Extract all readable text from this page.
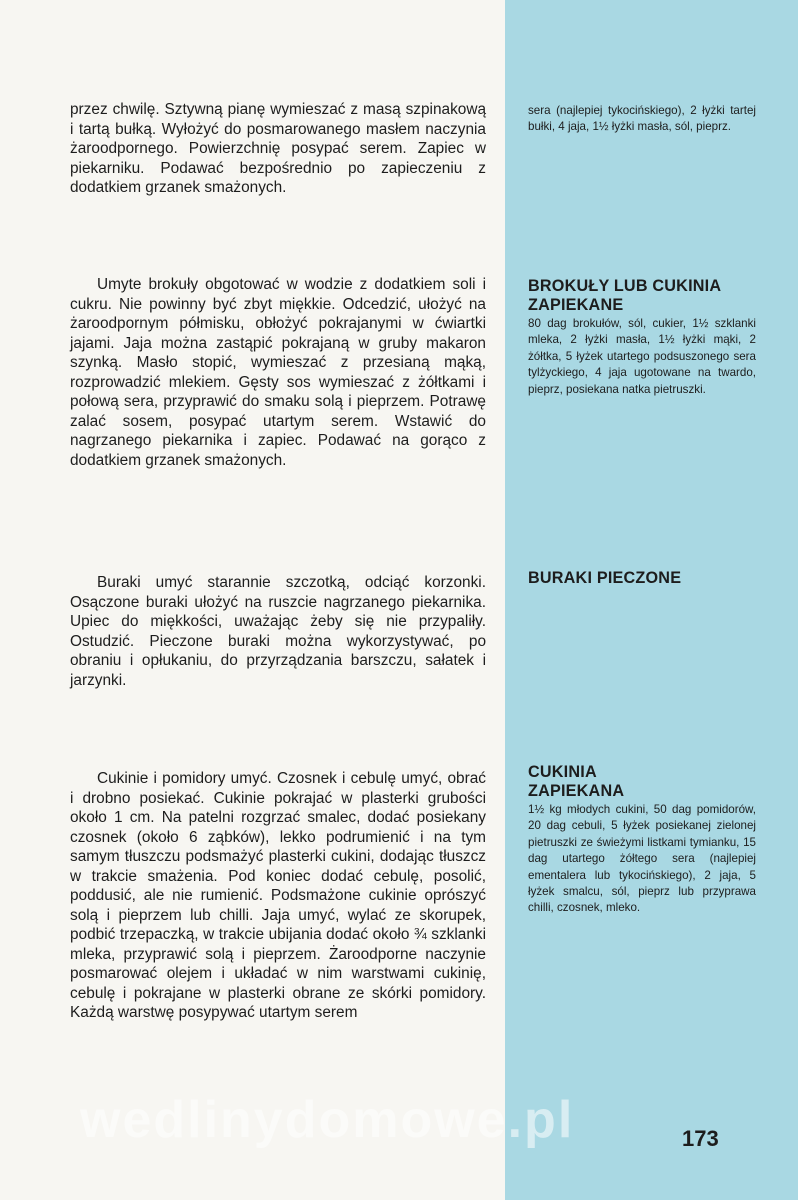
przez chwilę. Sztywną pianę wymieszać z masą szpinakową i tartą bułką. Wyłożyć do posmarowanego masłem naczynia żaroodpornego. Powierzchnię posypać serem. Zapiec w piekarniku. Podawać bezpośrednio po zapieczeniu z dodatkiem grzanek smażonych.

Umyte brokuły obgotować w wodzie z dodatkiem soli i cukru. Nie powinny być zbyt miękkie. Odcedzić, ułożyć na żaroodpornym półmisku, obłożyć pokrajanymi w ćwiartki jajami. Jaja można zastąpić pokrajaną w gruby makaron szynką. Masło stopić, wymieszać z przesianą mąką, rozprowadzić mlekiem. Gęsty sos wymieszać z żółtkami i połową sera, przyprawić do smaku solą i pieprzem. Potrawę zalać sosem, posypać utartym serem. Wstawić do nagrzanego piekarnika i zapiec. Podawać na gorąco z dodatkiem grzanek smażonych.

Buraki umyć starannie szczotką, odciąć korzonki. Osączone buraki ułożyć na ruszcie nagrzanego piekarnika. Upiec do miękkości, uważając żeby się nie przypaliły. Ostudzić. Pieczone buraki można wykorzystywać, po obraniu i opłukaniu, do przyrządzania barszczu, sałatek i jarzynki.

Cukinie i pomidory umyć. Czosnek i cebulę umyć, obrać i drobno posiekać. Cukinie pokrajać w plasterki grubości około 1 cm. Na patelni rozgrzać smalec, dodać posiekany czosnek (około 6 ząbków), lekko podrumienić i na tym samym tłuszczu podsmażyć plasterki cukini, dodając tłuszcz w trakcie smażenia. Pod koniec dodać cebulę, posolić, poddusić, ale nie rumienić. Podsmażone cukinie oprószyć solą i pieprzem lub chilli. Jaja umyć, wylać ze skorupek, podbić trzepaczką, w trakcie ubijania dodać około ¾ szklanki mleka, przyprawić solą i pieprzem. Żaroodporne naczynie posmarować olejem i układać w nim warstwami cukinię, cebulę i pokrajane w plasterki obrane ze skórki pomidory. Każdą warstwę posypywać utartym serem

sera (najlepiej tykocińskiego), 2 łyżki tartej bułki, 4 jaja, 1½ łyżki masła, sól, pieprz.

BROKUŁY LUB CUKINIA ZAPIEKANE

80 dag brokułów, sól, cukier, 1½ szklanki mleka, 2 łyżki masła, 1½ łyżki mąki, 2 żółtka, 5 łyżek utartego podsuszonego sera tylżyckiego, 4 jaja ugotowane na twardo, pieprz, posiekana natka pietruszki.

BURAKI PIECZONE
CUKINIA ZAPIEKANA

1½ kg młodych cukini, 50 dag pomidorów, 20 dag cebuli, 5 łyżek posiekanej zielonej pietruszki ze świeżymi listkami tymianku, 15 dag utartego żółtego sera (najlepiej ementalera lub tykocińskiego), 2 jaja, 5 łyżek smalcu, sól, pieprz lub przyprawa chilli, czosnek, mleko.

wedlinydomowe.pl	173
